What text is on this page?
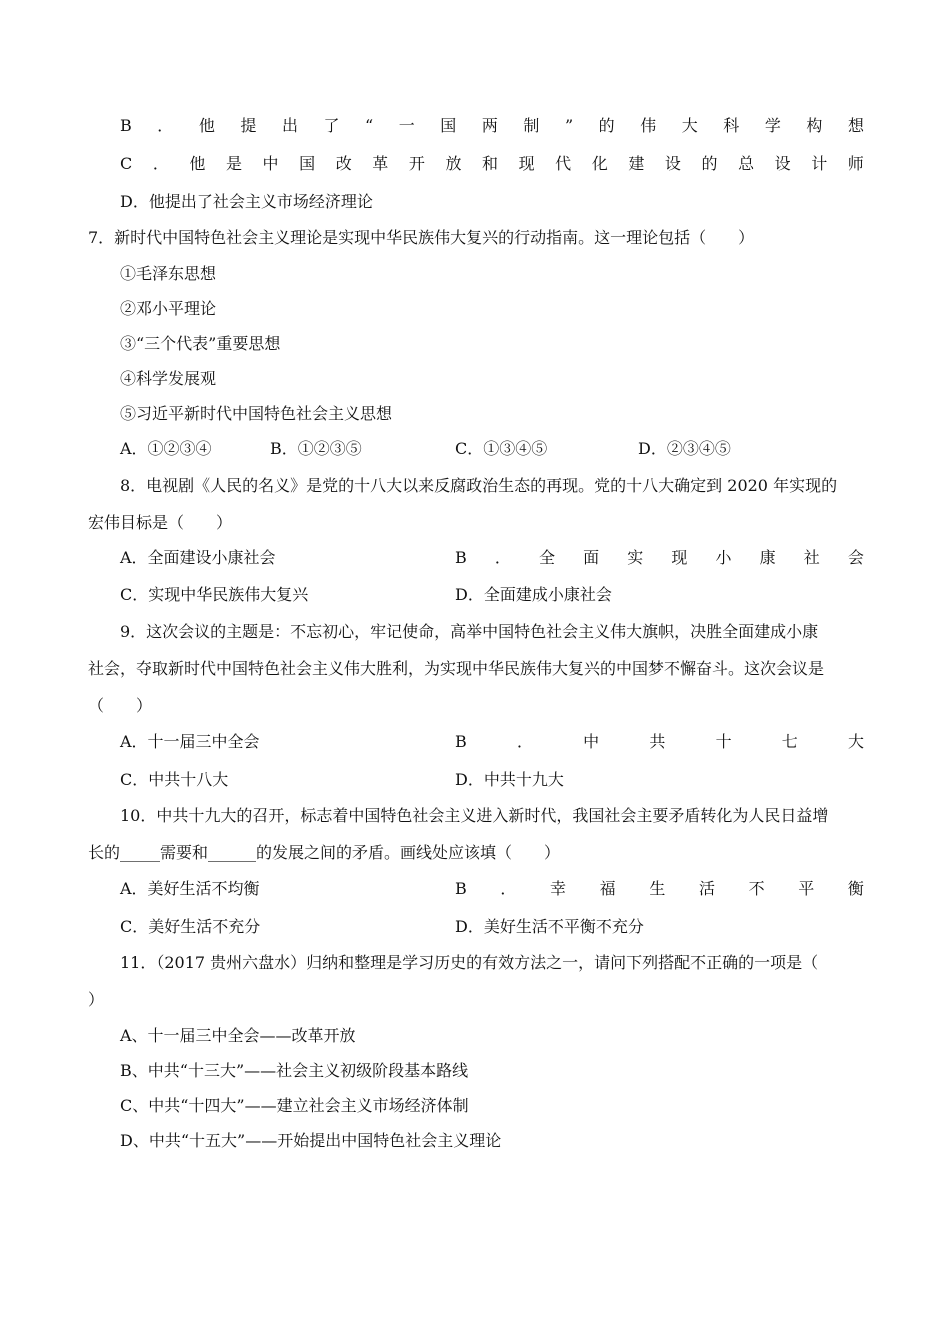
B ． 他 提 出 了 “ 一 国 两 制 ” 的 伟 大 科 学 构 想
C ． 他 是 中 国 改 革 开 放 和 现 代 化 建 设 的 总 设 计 师
D．他提出了社会主义市场经济理论
7．新时代中国特色社会主义理论是实现中华民族伟大复兴的行动指南。这一理论包括（　　）
①毛泽东思想
②邓小平理论
③“三个代表”重要思想
④科学发展观
⑤习近平新时代中国特色社会主义思想
A．①②③④	B．①②③⑤	C．①③④⑤	D．②③④⑤
8．电视剧《人民的名义》是党的十八大以来反腐政治生态的再现。党的十八大确定到 2020 年实现的
宏伟目标是（　　）
A．全面建设小康社会	B ． 全 面 实 现 小 康 社 会
C．实现中华民族伟大复兴	D．全面建成小康社会
9．这次会议的主题是：不忘初心，牢记使命，高举中国特色社会主义伟大旗帜，决胜全面建成小康
社会，夺取新时代中国特色社会主义伟大胜利，为实现中华民族伟大复兴的中国梦不懈奋斗。这次会议是
（　　）
A．十一届三中全会	B	．	中	共	十	七	大
C．中共十八大	D．中共十九大
10．中共十九大的召开，标志着中国特色社会主义进入新时代，我国社会主要矛盾转化为人民日益增
长的_____需要和______的发展之间的矛盾。画线处应该填（　　）
A．美好生活不均衡	B ． 幸 福 生 活 不 平 衡
C．美好生活不充分	D．美好生活不平衡不充分
11．（2017 贵州六盘水）归纳和整理是学习历史的有效方法之一，请问下列搭配不正确的一项是（
）
A、十一届三中全会——改革开放
B、中共“十三大”——社会主义初级阶段基本路线
C、中共“十四大”——建立社会主义市场经济体制
D、中共“十五大”——开始提出中国特色社会主义理论
